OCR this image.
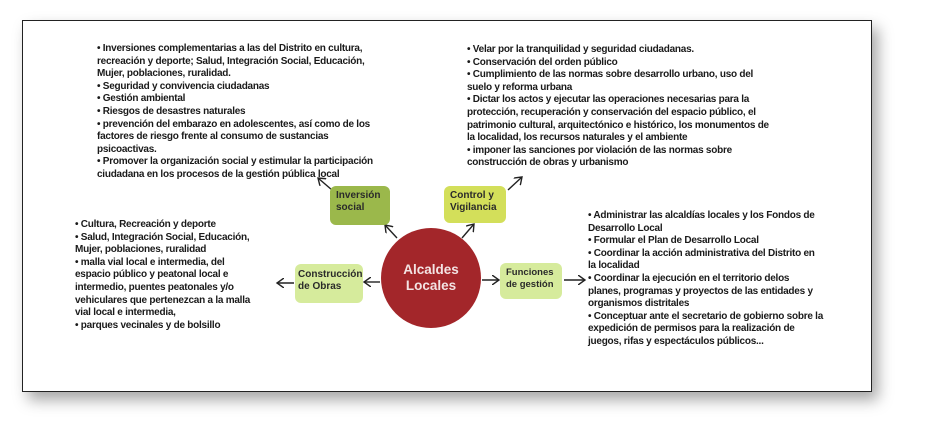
Alcaldes
Locales
Inversión
social
Control y
Vigilancia
Construcción
de Obras
Funciones
de gestión
• Inversiones complementarias a las del Distrito en cultura,
recreación y deporte; Salud, Integración Social, Educación,
Mujer, poblaciones, ruralidad.
• Seguridad y convivencia ciudadanas
• Gestión ambiental
• Riesgos de desastres naturales
• prevención del embarazo en adolescentes, así como de los
factores de riesgo frente al consumo de sustancias
psicoactivas.
• Promover la organización social y estimular la participación
ciudadana en los procesos de la gestión pública local
• Velar por la tranquilidad y seguridad ciudadanas.
• Conservación del orden público
• Cumplimiento de las normas sobre desarrollo urbano, uso del
suelo y reforma urbana
• Dictar los actos y ejecutar las operaciones necesarias para la
protección, recuperación y conservación del espacio público, el
patrimonio cultural, arquitectónico e histórico, los monumentos de
la localidad, los recursos naturales y el ambiente
• imponer las sanciones por violación de las normas sobre
construcción de obras y urbanismo
• Administrar las alcaldías locales y los Fondos de
Desarrollo Local
• Formular el Plan de Desarrollo Local
• Coordinar la acción administrativa del Distrito en
la localidad
• Coordinar la ejecución en el territorio delos
planes, programas y proyectos de las entidades y
organismos distritales
• Conceptuar ante el secretario de gobierno sobre la
expedición de permisos para la realización de
juegos, rifas y espectáculos públicos...
• Cultura, Recreación y deporte
• Salud, Integración Social, Educación,
Mujer, poblaciones, ruralidad
• malla vial local e intermedia, del
espacio público y peatonal local e
intermedio, puentes peatonales y/o
vehiculares que pertenezcan a la malla
vial local e intermedia,
• parques vecinales y de bolsillo
